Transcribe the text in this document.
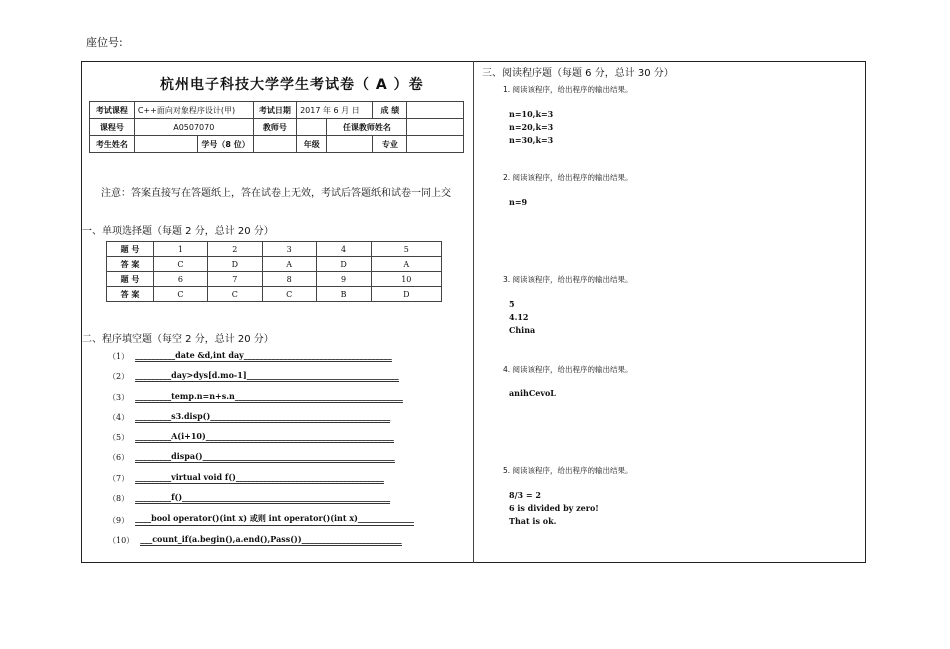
座位号:
杭州电子科技大学学生考试卷（ A ）卷
考试课程	C++面向对象程序设计(甲)		考试日期	2017 年 6 月 日		成 绩	
课程号	A0507070		教师号		任课教师姓名		
考生姓名		学号（8 位）		年级		专业	
注意：答案直接写在答题纸上，答在试卷上无效，考试后答题纸和试卷一同上交
一、单项选择题（每题 2 分，总计 20 分）
题 号	1	2	3	4	5
答 案	C	D	A	D	A
题 号	6	7	8	9	10
答 案	C	C	C	B	D
二、程序填空题（每空 2 分，总计 20 分）
（1） __________date &d,int day_____________________________________
（2） _________day>dys[d.mo-1]______________________________________
（3） _________temp.n=n+s.n__________________________________________
（4） _________s3.disp()_____________________________________________
（5） _________A(i+10)_______________________________________________
（6） _________dispa()________________________________________________
（7） _________virtual void f()_____________________________________
（8） _________f()____________________________________________________
（9） ____bool operator()(int x) 或则 int operator()(int x)______________
（10） ___count_if(a.begin(),a.end(),Pass())_________________________
三、阅读程序题（每题 6 分，总计 30 分）
1. 阅读该程序，给出程序的输出结果。
n=10,k=3
n=20,k=3
n=30,k=3
2. 阅读该程序，给出程序的输出结果。
n=9
3. 阅读该程序，给出程序的输出结果。
5
4.12
China
4. 阅读该程序，给出程序的输出结果。
anihCevoL
5. 阅读该程序，给出程序的输出结果。
8/3 = 2
6 is divided by zero!
That is ok.
